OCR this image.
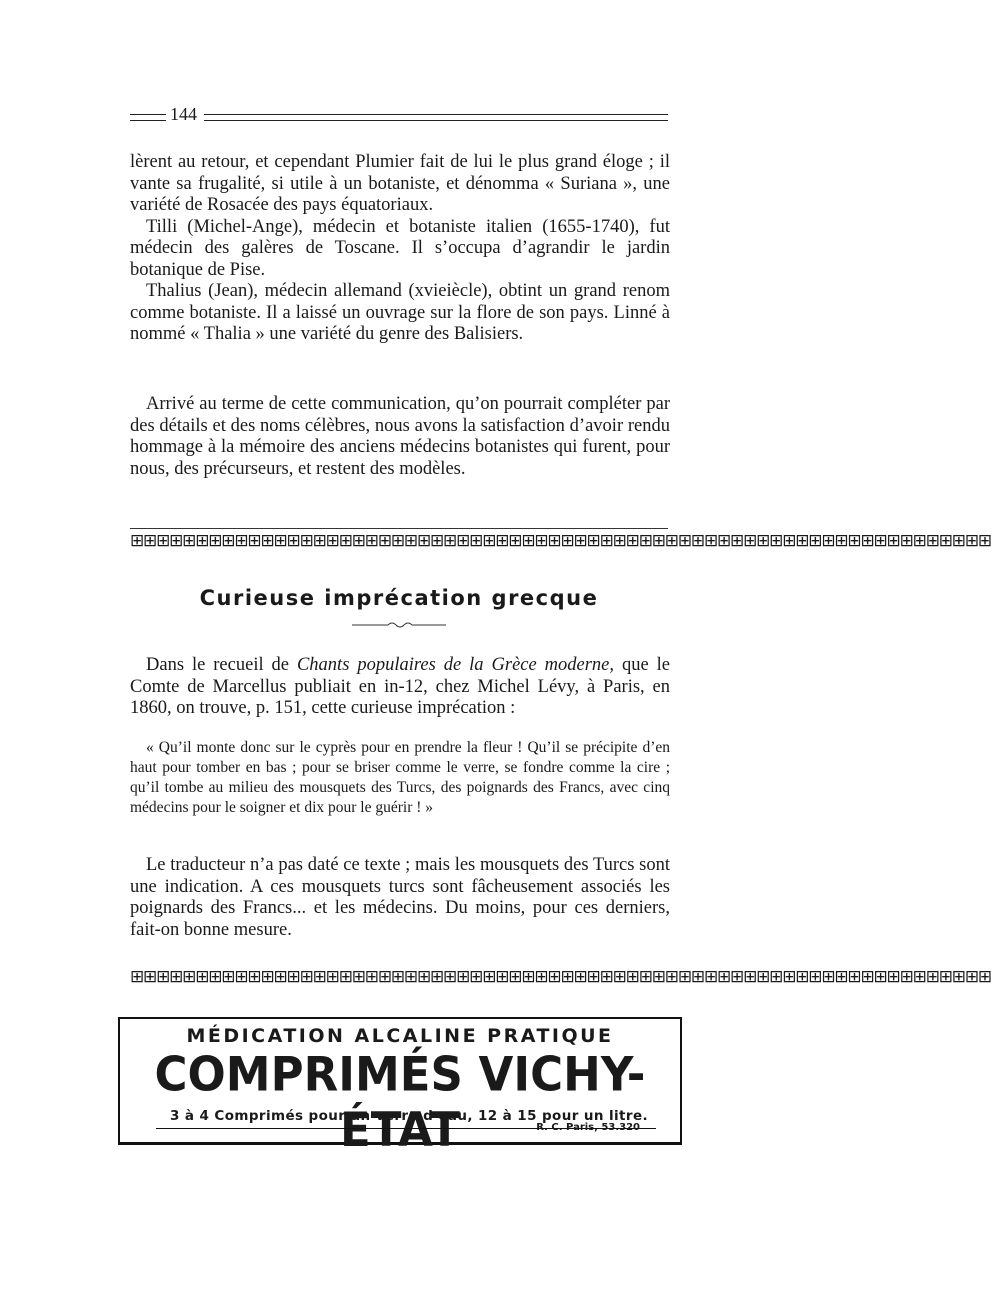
144

lèrent au retour, et cependant Plumier fait de lui le plus grand éloge ; il vante sa frugalité, si utile à un botaniste, et dénomma « Suriana », une variété de Rosacée des pays équatoriaux.

Tilli (Michel-Ange), médecin et botaniste italien (1655-1740), fut médecin des galères de Toscane. Il s’occupa d’agrandir le jardin botanique de Pise.

Thalius (Jean), médecin allemand (xvieiècle), obtint un grand renom comme botaniste. Il a laissé un ouvrage sur la flore de son pays. Linné à nommé « Thalia » une variété du genre des Balisiers.

Arrivé au terme de cette communication, qu’on pourrait compléter par des détails et des noms célèbres, nous avons la satisfaction d’avoir rendu hommage à la mémoire des anciens médecins botanistes qui furent, pour nous, des précurseurs, et restent des modèles.

⊞⊞⊞⊞⊞⊞⊞⊞⊞⊞⊞⊞⊞⊞⊞⊞⊞⊞⊞⊞⊞⊞⊞⊞⊞⊞⊞⊞⊞⊞⊞⊞⊞⊞⊞⊞⊞⊞⊞⊞⊞⊞⊞⊞⊞⊞⊞⊞⊞⊞⊞⊞⊞⊞⊞⊞⊞⊞⊞⊞⊞⊞⊞⊞⊞⊞
Curieuse imprécation grecque

Dans le recueil de Chants populaires de la Grèce moderne, que le Comte de Marcellus publiait en in-12, chez Michel Lévy, à Paris, en 1860, on trouve, p. 151, cette curieuse imprécation :

« Qu’il monte donc sur le cyprès pour en prendre la fleur ! Qu’il se précipite d’en haut pour tomber en bas ; pour se briser comme le verre, se fondre comme la cire ; qu’il tombe au milieu des mousquets des Turcs, des poignards des Francs, avec cinq médecins pour le soigner et dix pour le guérir ! »

Le traducteur n’a pas daté ce texte ; mais les mousquets des Turcs sont une indication. A ces mousquets turcs sont fâcheusement associés les poignards des Francs... et les médecins. Du moins, pour ces derniers, fait-on bonne mesure.

⊞⊞⊞⊞⊞⊞⊞⊞⊞⊞⊞⊞⊞⊞⊞⊞⊞⊞⊞⊞⊞⊞⊞⊞⊞⊞⊞⊞⊞⊞⊞⊞⊞⊞⊞⊞⊞⊞⊞⊞⊞⊞⊞⊞⊞⊞⊞⊞⊞⊞⊞⊞⊞⊞⊞⊞⊞⊞⊞⊞⊞⊞⊞⊞⊞⊞
MÉDICATION ALCALINE PRATIQUE
COMPRIMÉS VICHY-ÉTAT
3 à 4 Comprimés pour un verre d eau, 12 à 15 pour un litre.
R. C. Paris, 53.320
